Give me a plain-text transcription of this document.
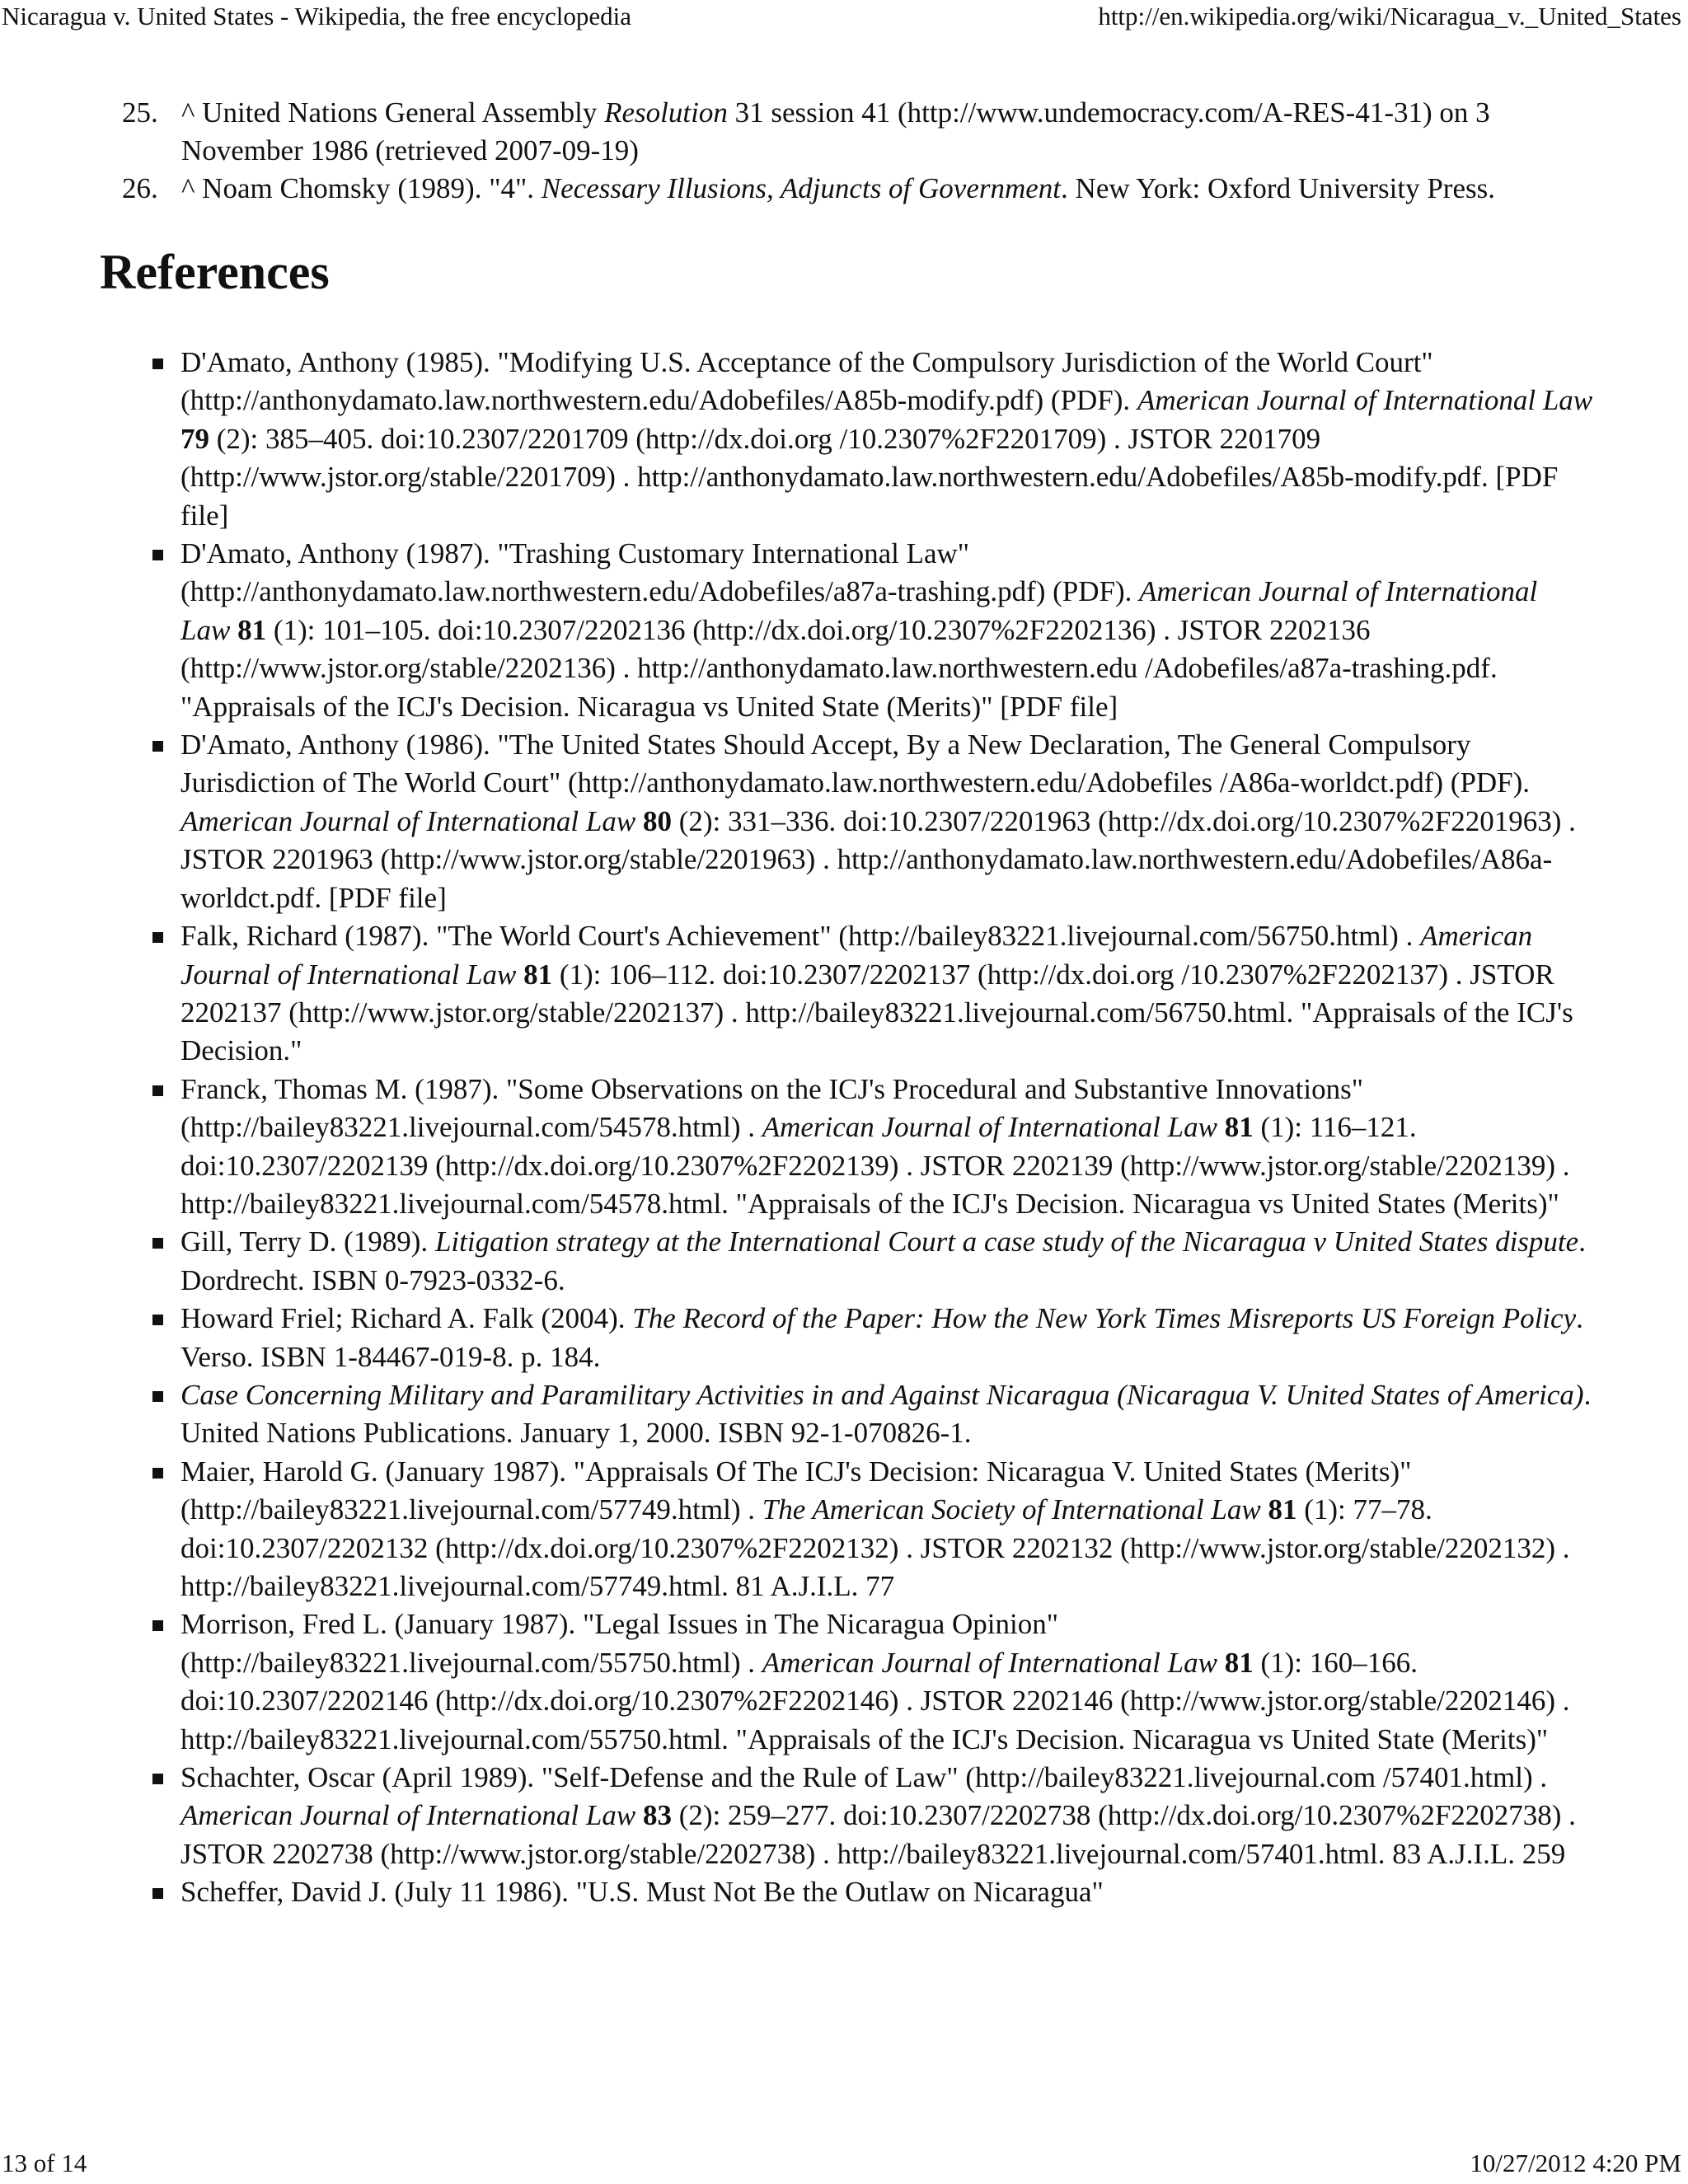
Nicaragua v. United States - Wikipedia, the free encyclopedia	http://en.wikipedia.org/wiki/Nicaragua_v._United_States
25. ^ United Nations General Assembly Resolution 31 session 41 (http://www.undemocracy.com/A-RES-41-31) on 3 November 1986 (retrieved 2007-09-19)
26. ^ Noam Chomsky (1989). "4". Necessary Illusions, Adjuncts of Government. New York: Oxford University Press.
References
D'Amato, Anthony (1985). "Modifying U.S. Acceptance of the Compulsory Jurisdiction of the World Court" (http://anthonydamato.law.northwestern.edu/Adobefiles/A85b-modify.pdf) (PDF). American Journal of International Law 79 (2): 385–405. doi:10.2307/2201709 (http://dx.doi.org /10.2307%2F2201709) . JSTOR 2201709 (http://www.jstor.org/stable/2201709) . http://anthonydamato.law.northwestern.edu/Adobefiles/A85b-modify.pdf. [PDF file]
D'Amato, Anthony (1987). "Trashing Customary International Law" (http://anthonydamato.law.northwestern.edu/Adobefiles/a87a-trashing.pdf) (PDF). American Journal of International Law 81 (1): 101–105. doi:10.2307/2202136 (http://dx.doi.org/10.2307%2F2202136) . JSTOR 2202136 (http://www.jstor.org/stable/2202136) . http://anthonydamato.law.northwestern.edu /Adobefiles/a87a-trashing.pdf. "Appraisals of the ICJ's Decision. Nicaragua vs United State (Merits)" [PDF file]
D'Amato, Anthony (1986). "The United States Should Accept, By a New Declaration, The General Compulsory Jurisdiction of The World Court" (http://anthonydamato.law.northwestern.edu/Adobefiles /A86a-worldct.pdf) (PDF). American Journal of International Law 80 (2): 331–336. doi:10.2307/2201963 (http://dx.doi.org/10.2307%2F2201963) . JSTOR 2201963 (http://www.jstor.org/stable/2201963) . http://anthonydamato.law.northwestern.edu/Adobefiles/A86a-worldct.pdf. [PDF file]
Falk, Richard (1987). "The World Court's Achievement" (http://bailey83221.livejournal.com/56750.html) . American Journal of International Law 81 (1): 106–112. doi:10.2307/2202137 (http://dx.doi.org /10.2307%2F2202137) . JSTOR 2202137 (http://www.jstor.org/stable/2202137) . http://bailey83221.livejournal.com/56750.html. "Appraisals of the ICJ's Decision."
Franck, Thomas M. (1987). "Some Observations on the ICJ's Procedural and Substantive Innovations" (http://bailey83221.livejournal.com/54578.html) . American Journal of International Law 81 (1): 116–121. doi:10.2307/2202139 (http://dx.doi.org/10.2307%2F2202139) . JSTOR 2202139 (http://www.jstor.org/stable/2202139) . http://bailey83221.livejournal.com/54578.html. "Appraisals of the ICJ's Decision. Nicaragua vs United States (Merits)"
Gill, Terry D. (1989). Litigation strategy at the International Court a case study of the Nicaragua v United States dispute. Dordrecht. ISBN 0-7923-0332-6.
Howard Friel; Richard A. Falk (2004). The Record of the Paper: How the New York Times Misreports US Foreign Policy. Verso. ISBN 1-84467-019-8. p. 184.
Case Concerning Military and Paramilitary Activities in and Against Nicaragua (Nicaragua V. United States of America). United Nations Publications. January 1, 2000. ISBN 92-1-070826-1.
Maier, Harold G. (January 1987). "Appraisals Of The ICJ's Decision: Nicaragua V. United States (Merits)" (http://bailey83221.livejournal.com/57749.html) . The American Society of International Law 81 (1): 77–78. doi:10.2307/2202132 (http://dx.doi.org/10.2307%2F2202132) . JSTOR 2202132 (http://www.jstor.org/stable/2202132) . http://bailey83221.livejournal.com/57749.html. 81 A.J.I.L. 77
Morrison, Fred L. (January 1987). "Legal Issues in The Nicaragua Opinion" (http://bailey83221.livejournal.com/55750.html) . American Journal of International Law 81 (1): 160–166. doi:10.2307/2202146 (http://dx.doi.org/10.2307%2F2202146) . JSTOR 2202146 (http://www.jstor.org/stable/2202146) . http://bailey83221.livejournal.com/55750.html. "Appraisals of the ICJ's Decision. Nicaragua vs United State (Merits)"
Schachter, Oscar (April 1989). "Self-Defense and the Rule of Law" (http://bailey83221.livejournal.com /57401.html) . American Journal of International Law 83 (2): 259–277. doi:10.2307/2202738 (http://dx.doi.org/10.2307%2F2202738) . JSTOR 2202738 (http://www.jstor.org/stable/2202738) . http://bailey83221.livejournal.com/57401.html. 83 A.J.I.L. 259
Scheffer, David J. (July 11 1986). "U.S. Must Not Be the Outlaw on Nicaragua"
13 of 14	10/27/2012 4:20 PM
